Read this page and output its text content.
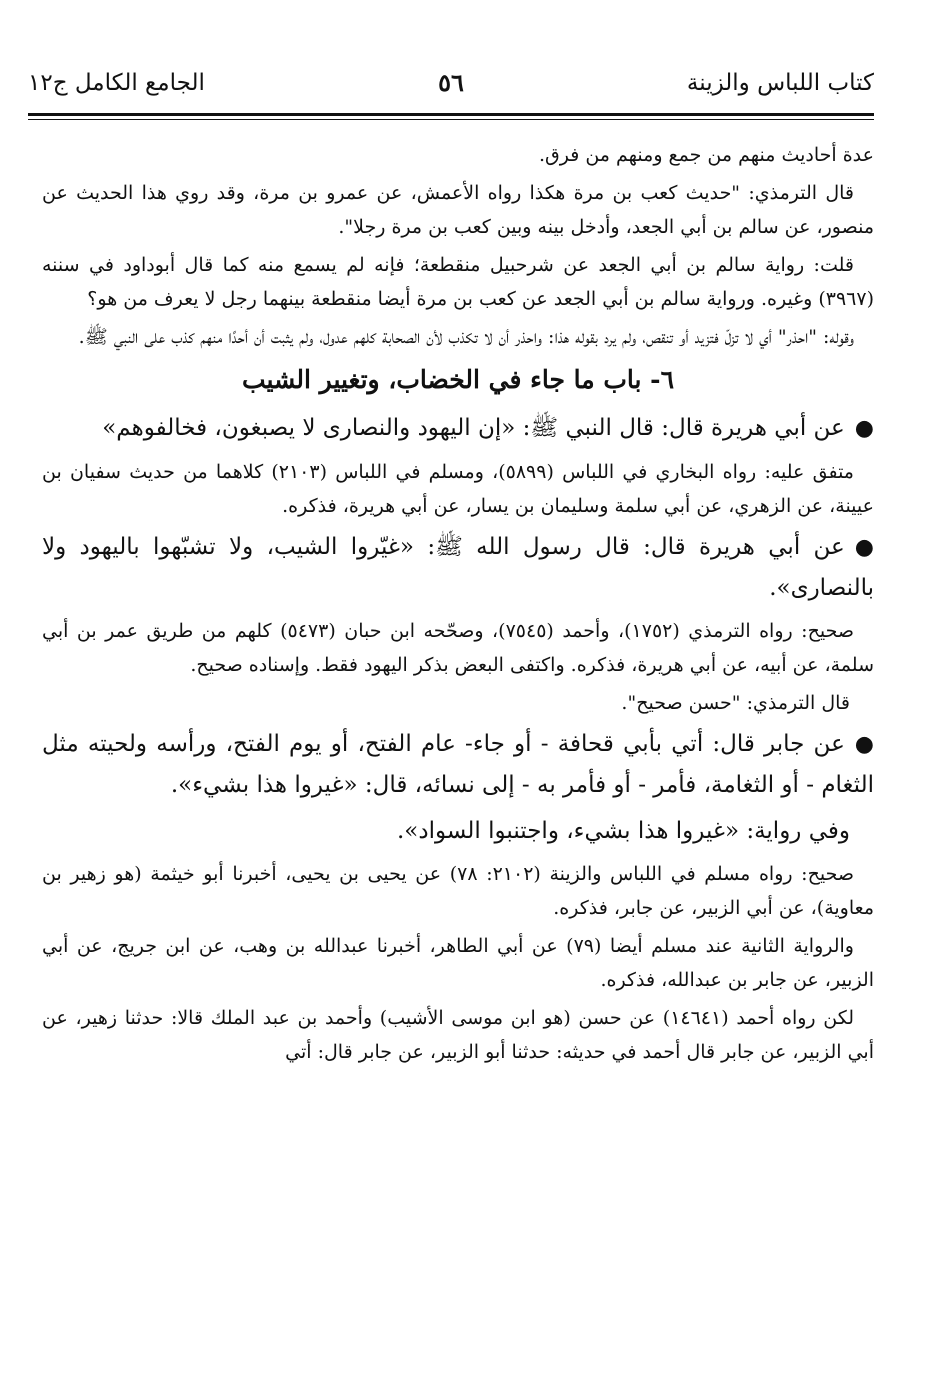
كتاب اللباس والزينة
٥٦
الجامع الكامل ج١٢

عدة أحاديث منهم من جمع ومنهم من فرق.

قال الترمذي: "حديث كعب بن مرة هكذا رواه الأعمش، عن عمرو بن مرة، وقد روي هذا الحديث عن منصور، عن سالم بن أبي الجعد، وأدخل بينه وبين كعب بن مرة رجلا".

قلت: رواية سالم بن أبي الجعد عن شرحبيل منقطعة؛ فإنه لم يسمع منه كما قال أبوداود في سننه (٣٩٦٧) وغيره. ورواية سالم بن أبي الجعد عن كعب بن مرة أيضا منقطعة بينهما رجل لا يعرف من هو؟

وقوله: "احذر" أي لا تزلّ فتزيد أو تنقص، ولم يرد بقوله هذا: واحذر أن لا تكذب لأن الصحابة كلهم عدول، ولم يثبت أن أحدًا منهم كذب على النبي ﷺ.

٦- باب ما جاء في الخضاب، وتغيير الشيب

●عن أبي هريرة قال: قال النبي ﷺ: «إن اليهود والنصارى لا يصبغون، فخالفوهم»

متفق عليه: رواه البخاري في اللباس (٥٨٩٩)، ومسلم في اللباس (٢١٠٣) كلاهما من حديث سفيان بن عيينة، عن الزهري، عن أبي سلمة وسليمان بن يسار، عن أبي هريرة، فذكره.

●عن أبي هريرة قال: قال رسول الله ﷺ: «غيّروا الشيب، ولا تشبّهوا باليهود ولا بالنصارى».

صحيح: رواه الترمذي (١٧٥٢)، وأحمد (٧٥٤٥)، وصحّحه ابن حبان (٥٤٧٣) كلهم من طريق عمر بن أبي سلمة، عن أبيه، عن أبي هريرة، فذكره. واكتفى البعض بذكر اليهود فقط. وإسناده صحيح.

قال الترمذي: "حسن صحيح".

●عن جابر قال: أتي بأبي قحافة - أو جاء- عام الفتح، أو يوم الفتح، ورأسه ولحيته مثل الثغام - أو الثغامة، فأمر - أو فأمر به - إلى نسائه، قال: «غيروا هذا بشيء».

وفي رواية: «غيروا هذا بشيء، واجتنبوا السواد».

صحيح: رواه مسلم في اللباس والزينة (٢١٠٢: ٧٨) عن يحيى بن يحيى، أخبرنا أبو خيثمة (هو زهير بن معاوية)، عن أبي الزبير، عن جابر، فذكره.

والرواية الثانية عند مسلم أيضا (٧٩) عن أبي الطاهر، أخبرنا عبدالله بن وهب، عن ابن جريج، عن أبي الزبير، عن جابر بن عبدالله، فذكره.

لكن رواه أحمد (١٤٦٤١) عن حسن (هو ابن موسى الأشيب) وأحمد بن عبد الملك قالا: حدثنا زهير، عن أبي الزبير، عن جابر قال أحمد في حديثه: حدثنا أبو الزبير، عن جابر قال: أتي
